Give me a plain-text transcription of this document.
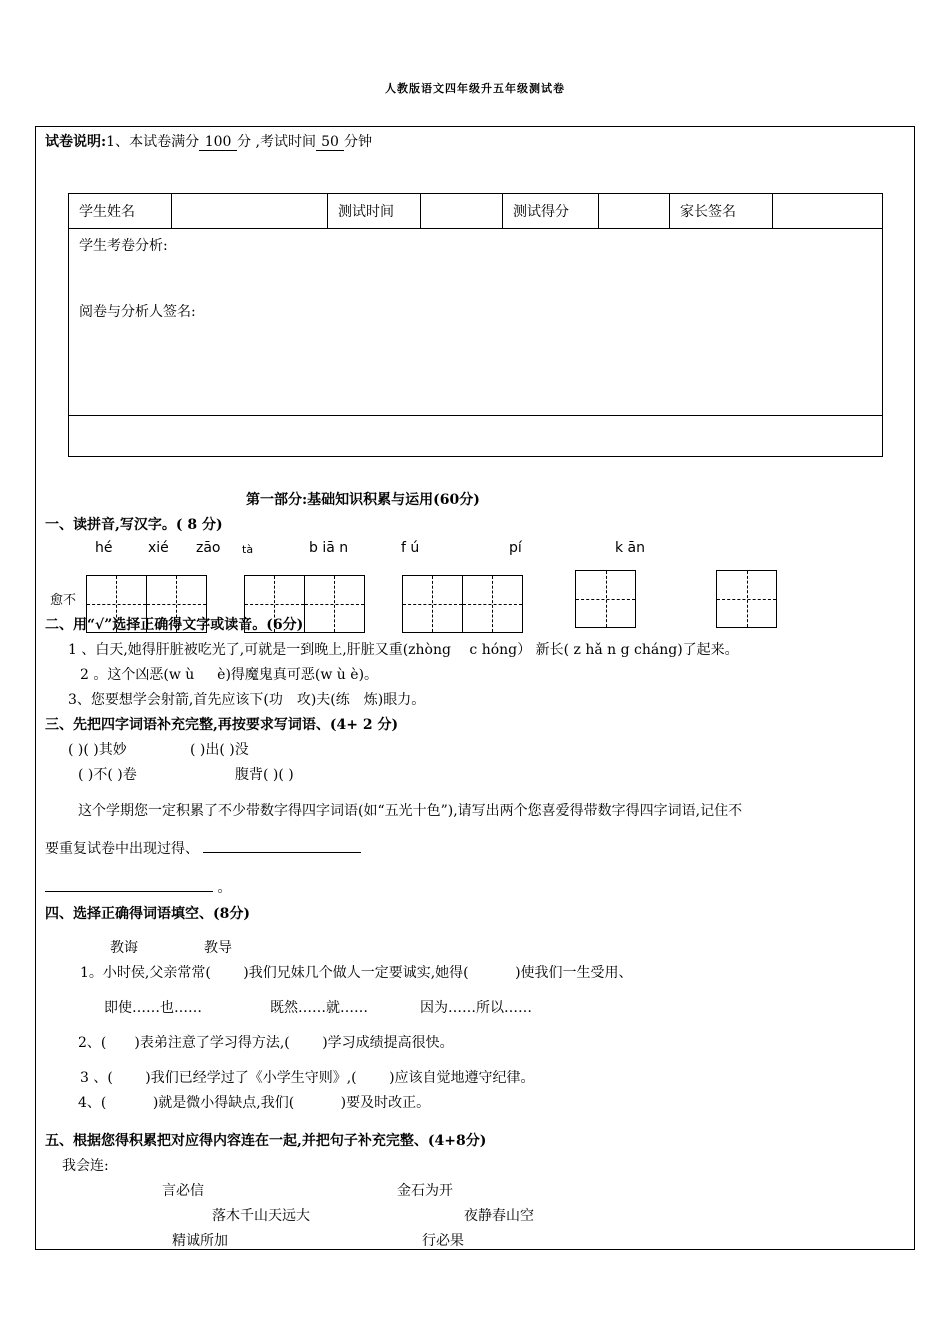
人教版语文四年级升五年级测试卷
试卷说明:1、本试卷满分 100 分 ,考试时间 50 分钟
学生姓名		测试时间		测试得分		家长签名	

学生考卷分析:
阅卷与分析人签名:

第一部分:基础知识积累与运用(60分)
一、读拼音,写汉字。( 8 分)
hé	xié zāo tà	b iā n	f ú	pí	k ān
愈不
二、用“√”选择正确得文字或读音。(6分)
1 、白天,她得肝脏被吃光了,可就是一到晚上,肝脏又重(zhòng　 c hóng） 新长( z hǎ n g cháng)了起来。
2 。这个凶恶(w ù 　 è)得魔鬼真可恶(w ù è)。
3、您要想学会射箭,首先应该下(功　攻)夫(练　炼)眼力。
三、先把四字词语补充完整,再按要求写词语、(4+ 2 分)
( )( )其妙	( )出( )没
( )不( )卷	腹背( )( )
这个学期您一定积累了不少带数字得四字词语(如“五光十色”),请写出两个您喜爱得带数字得四字词语,记住不
要重复试卷中出现过得、
。
四、选择正确得词语填空、(8分)
教诲	教导
1。小时侯,父亲常常(　　 )我们兄妹几个做人一定要诚实,她得(　　　 )使我们一生受用、
即使……也……	既然……就……	因为……所以……
2、(　　)表弟注意了学习得方法,(　　 )学习成绩提高很快。
3 、(　　 )我们已经学过了《小学生守则》,(　　 )应该自觉地遵守纪律。
4、(　　　 )就是微小得缺点,我们(　　　 )要及时改正。
五、根据您得积累把对应得内容连在一起,并把句子补充完整、(4+8分)
我会连:
言必信	金石为开
落木千山天远大	夜静春山空
精诚所加	行必果
